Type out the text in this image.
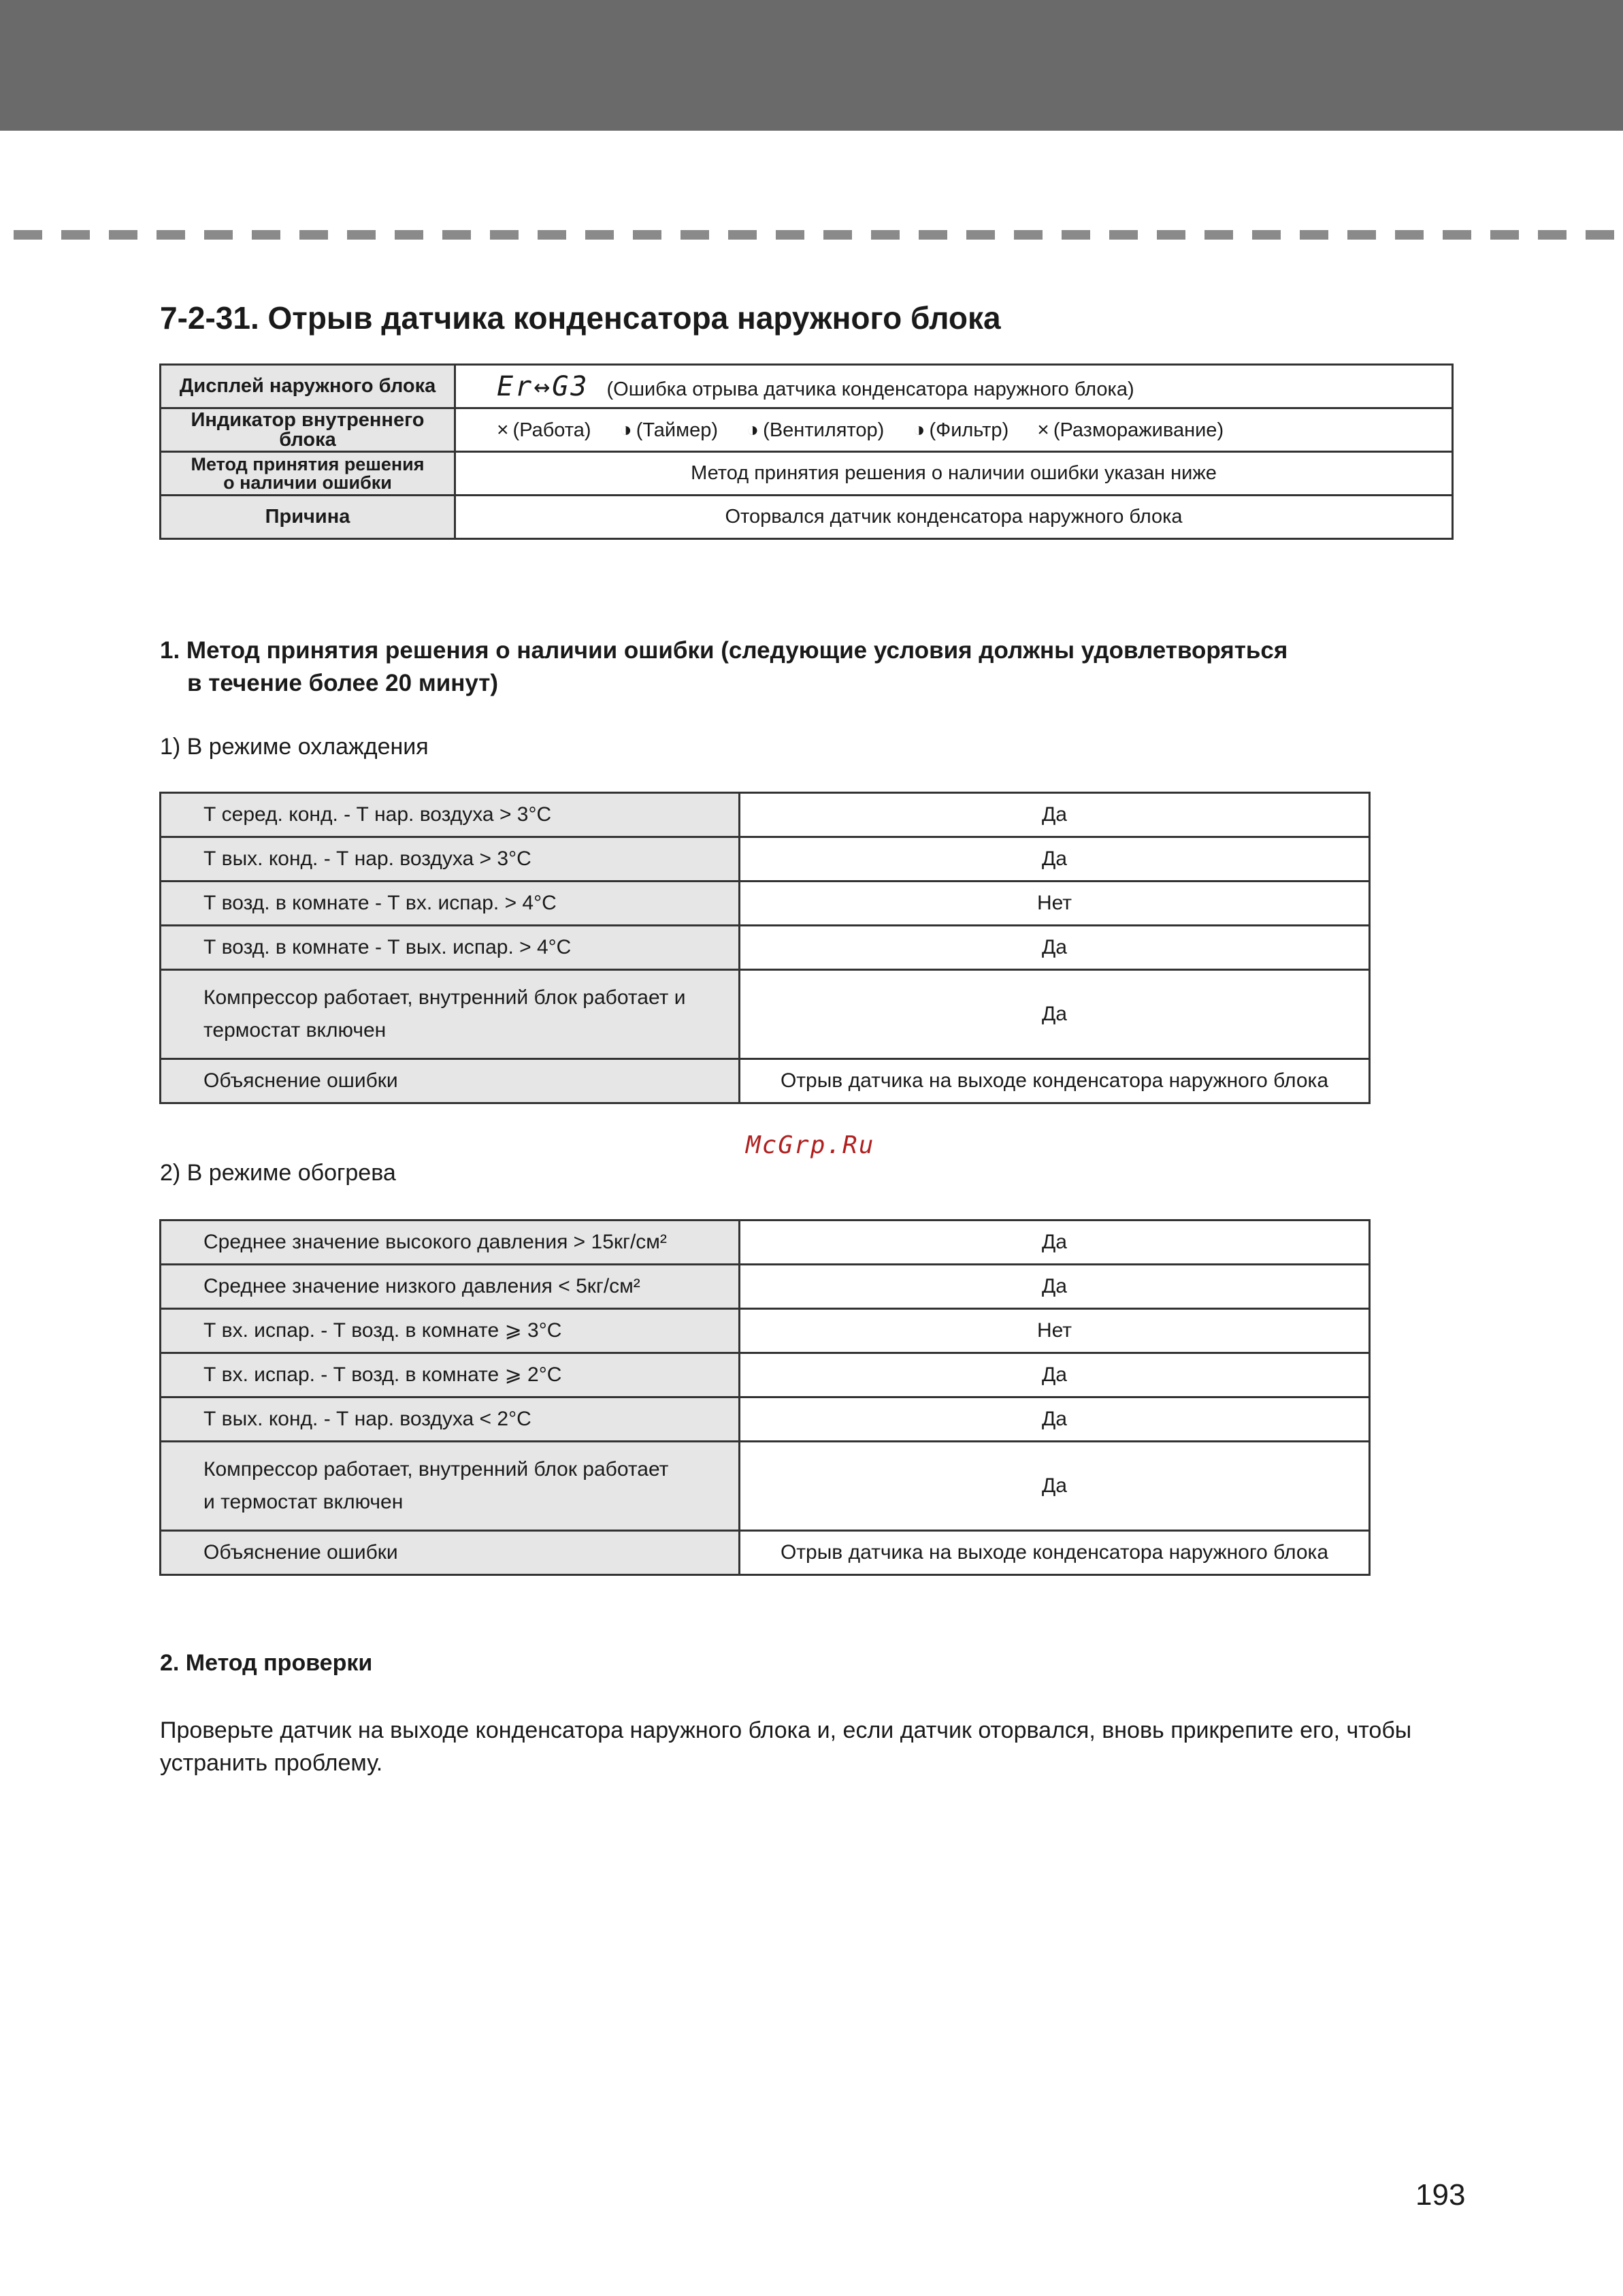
7-2-31. Отрыв датчика конденсатора наружного блока
Дисплей наружного блока	Er↔G3 (Ошибка отрыва датчика конденсатора наружного блока)
Индикатор внутреннего блока	× (Работа) ◑ (Таймер) ◑ (Вентилятор) ◑ (Фильтр) × (Размораживание)
Метод принятия решения
о наличии ошибки	Метод принятия решения о наличии ошибки указан ниже
Причина	Оторвался датчик конденсатора наружного блока
1. Метод принятия решения о наличии ошибки (следующие условия должны удовлетворяться
в течение более 20 минут)

1) В режиме охлаждения

Т серед. конд. - Т нар. воздуха > 3°C	Да
Т вых. конд. - Т нар. воздуха > 3°C	Да
Т возд. в комнате - Т вх. испар. > 4°C	Нет
Т возд. в комнате - Т вых. испар. > 4°C	Да
Компрессор работает, внутренний блок работает и
термостат включен	Да
Объяснение ошибки	Отрыв датчика на выходе конденсатора наружного блока

McGrp.Ru

2) В режиме обогрева

Среднее значение высокого давления > 15кг/см²	Да
Среднее значение низкого давления < 5кг/см²	Да
Т вх. испар. - Т возд. в комнате ⩾ 3°C	Нет
Т вх. испар. - Т возд. в комнате ⩾ 2°C	Да
Т вых. конд. - Т нар. воздуха < 2°C	Да
Компрессор работает, внутренний блок работает
и термостат включен	Да
Объяснение ошибки	Отрыв датчика на выходе конденсатора наружного блока
2. Метод проверки

Проверьте датчик на выходе конденсатора наружного блока и, если датчик оторвался, вновь прикрепите его, чтобы устранить проблему.

193
